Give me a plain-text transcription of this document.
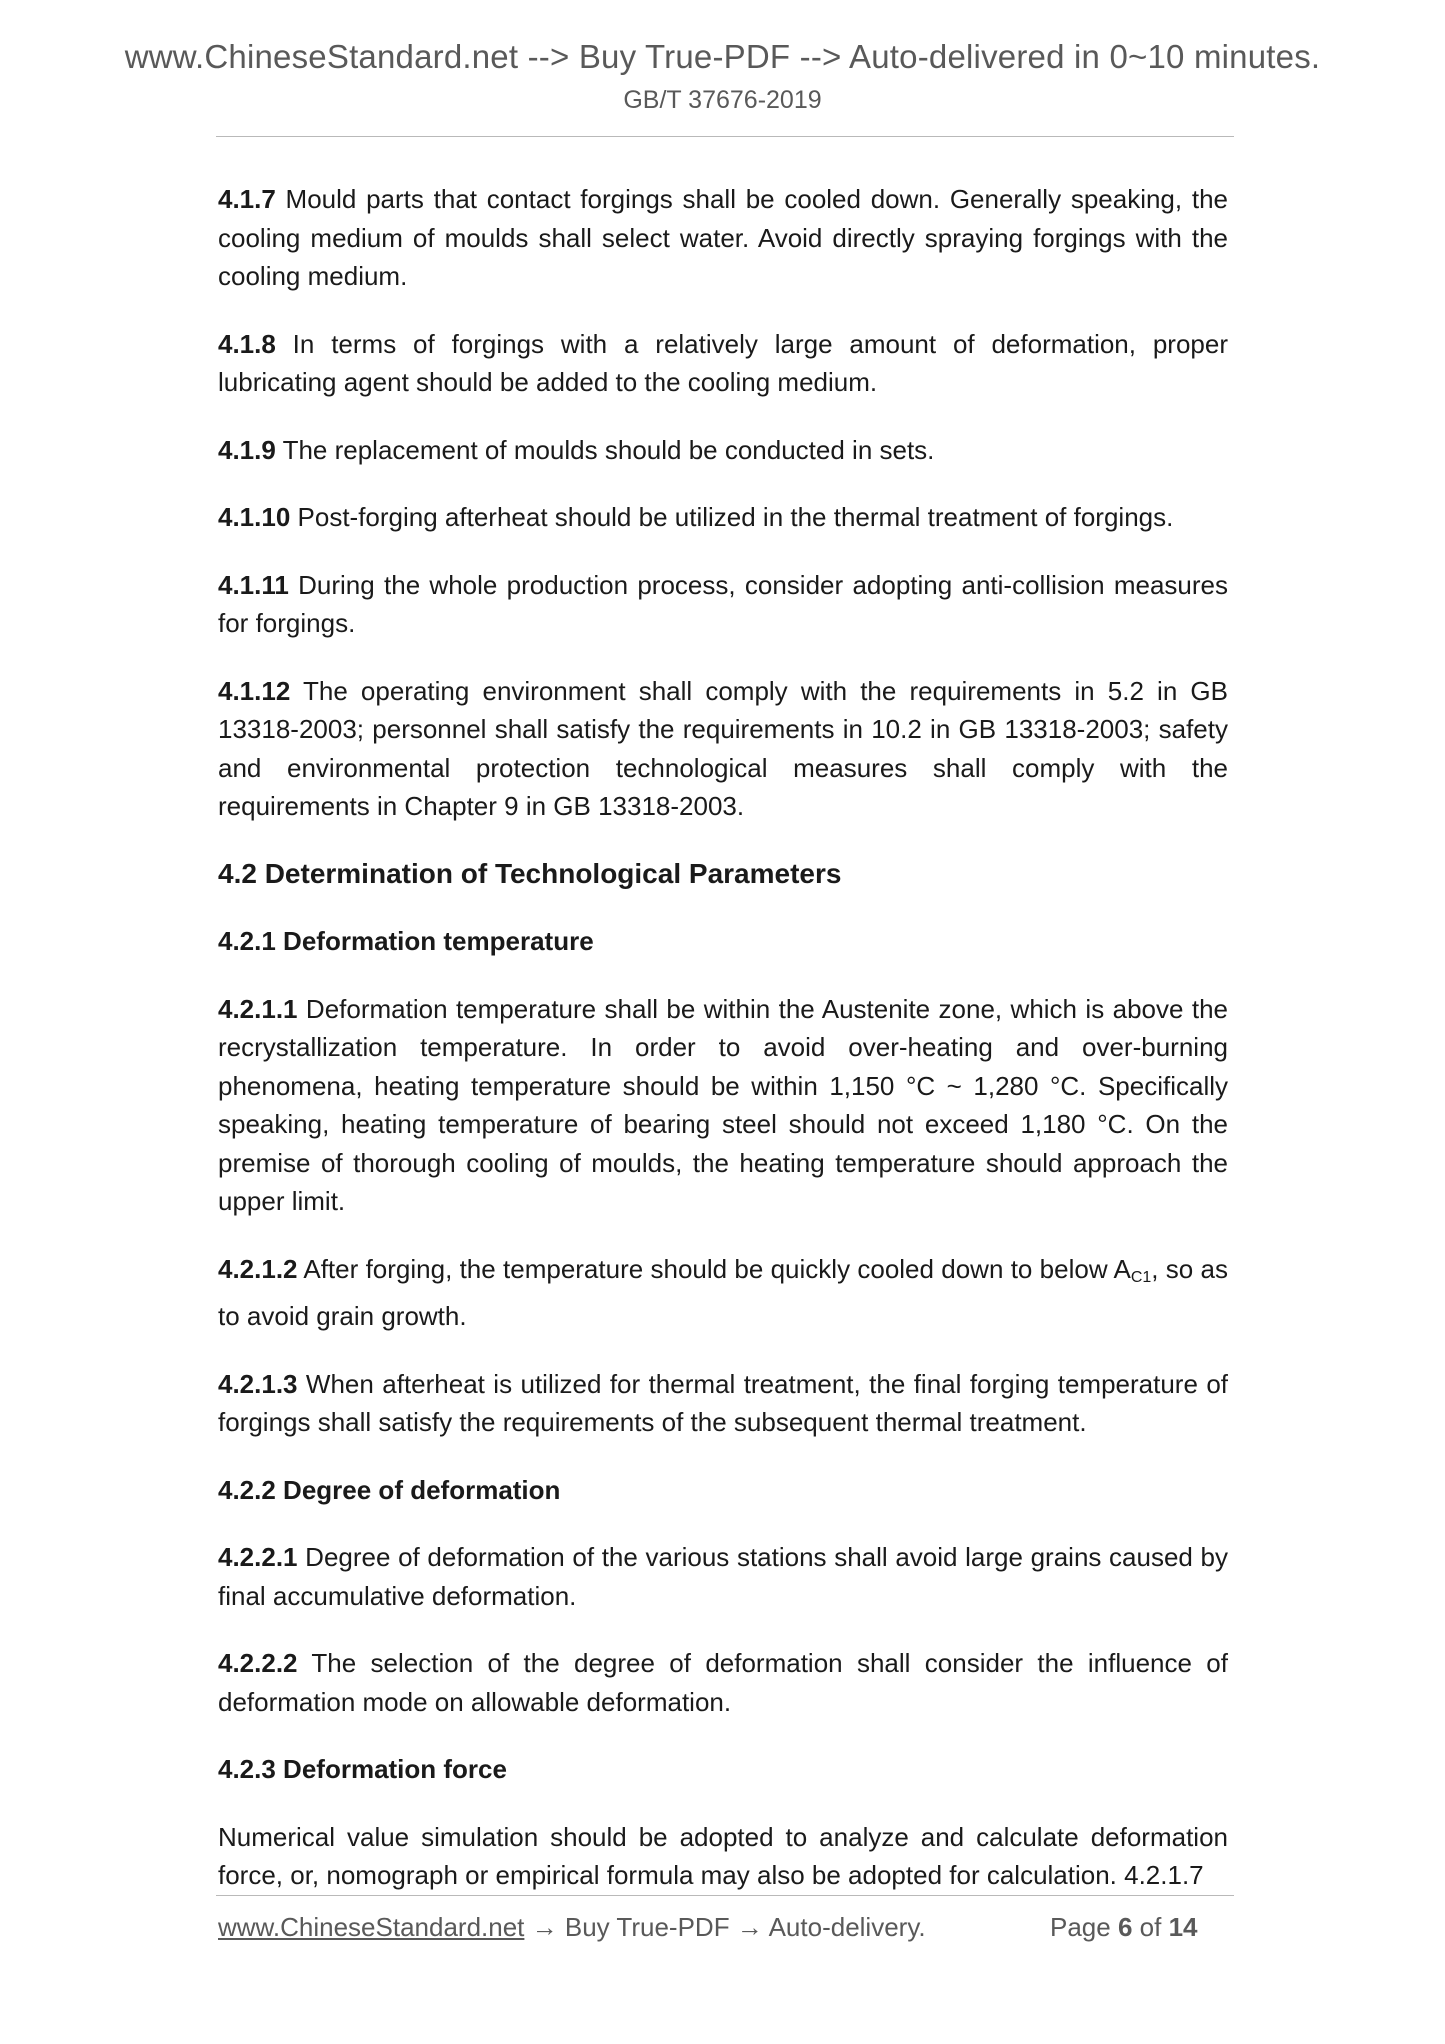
www.ChineseStandard.net --> Buy True-PDF --> Auto-delivered in 0~10 minutes.
GB/T 37676-2019

4.1.7 Mould parts that contact forgings shall be cooled down. Generally speaking, the cooling medium of moulds shall select water. Avoid directly spraying forgings with the cooling medium.

4.1.8 In terms of forgings with a relatively large amount of deformation, proper lubricating agent should be added to the cooling medium.

4.1.9 The replacement of moulds should be conducted in sets.

4.1.10 Post-forging afterheat should be utilized in the thermal treatment of forgings.

4.1.11 During the whole production process, consider adopting anti-collision measures for forgings.

4.1.12 The operating environment shall comply with the requirements in 5.2 in GB 13318-2003; personnel shall satisfy the requirements in 10.2 in GB 13318-2003; safety and environmental protection technological measures shall comply with the requirements in Chapter 9 in GB 13318-2003.

4.2 Determination of Technological Parameters
4.2.1 Deformation temperature

4.2.1.1 Deformation temperature shall be within the Austenite zone, which is above the recrystallization temperature. In order to avoid over-heating and over-burning phenomena, heating temperature should be within 1,150 °C ~ 1,280 °C. Specifically speaking, heating temperature of bearing steel should not exceed 1,180 °C. On the premise of thorough cooling of moulds, the heating temperature should approach the upper limit.

4.2.1.2 After forging, the temperature should be quickly cooled down to below $A_{C1}$, so as to avoid grain growth.

4.2.1.3 When afterheat is utilized for thermal treatment, the final forging temperature of forgings shall satisfy the requirements of the subsequent thermal treatment.

4.2.2 Degree of deformation

4.2.2.1 Degree of deformation of the various stations shall avoid large grains caused by final accumulative deformation.

4.2.2.2 The selection of the degree of deformation shall consider the influence of deformation mode on allowable deformation.

4.2.3 Deformation force

Numerical value simulation should be adopted to analyze and calculate deformation force, or, nomograph or empirical formula may also be adopted for calculation. 4.2.1.7

www.ChineseStandard.net → Buy True-PDF → Auto-delivery.	Page 6 of 14
